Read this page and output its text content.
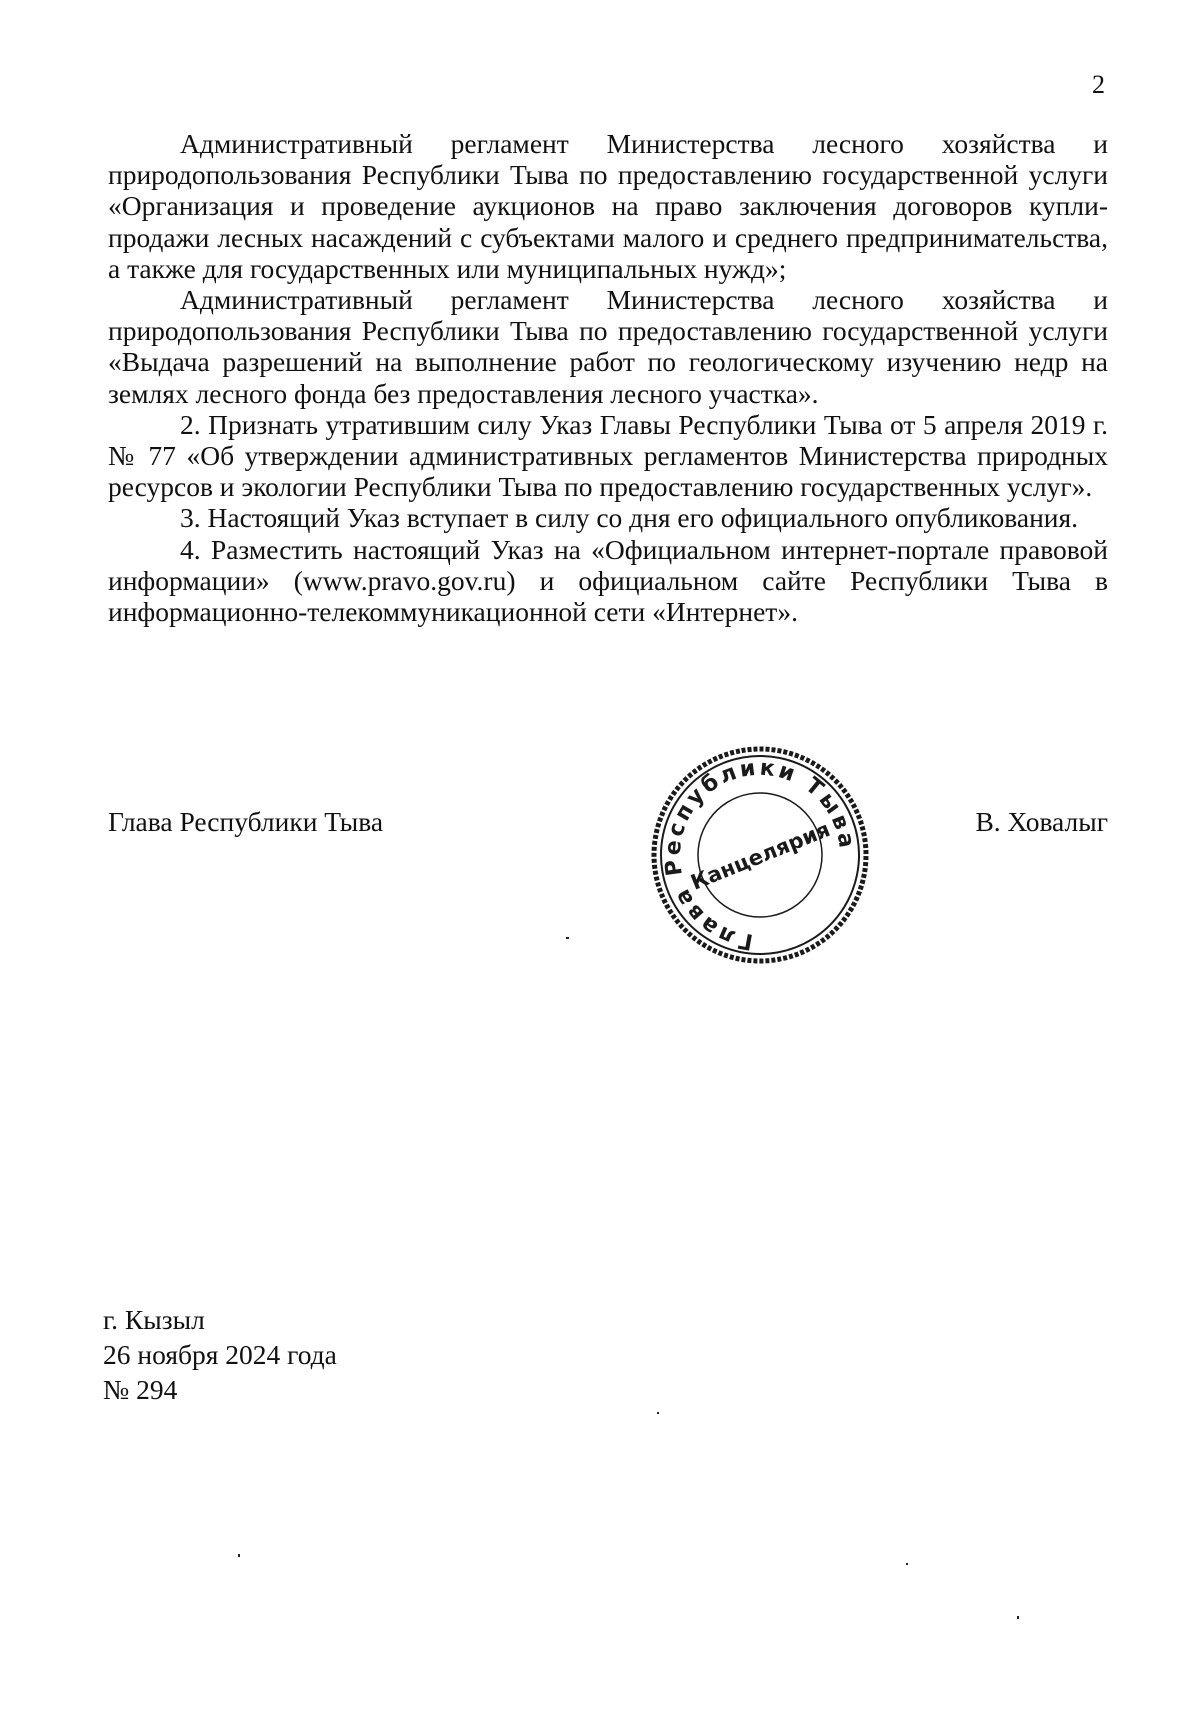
2

Административный регламент Министерства лесного хозяйства и природопользования Республики Тыва по предоставлению государственной услуги «Организация и проведение аукционов на право заключения договоров купли-продажи лесных насаждений с субъектами малого и среднего предпринимательства, а также для государственных или муниципальных нужд»;

Административный регламент Министерства лесного хозяйства и природопользования Республики Тыва по предоставлению государственной услуги «Выдача разрешений на выполнение работ по геологическому изучению недр на землях лесного фонда без предоставления лесного участка».

2. Признать утратившим силу Указ Главы Республики Тыва от 5 апреля 2019 г. № 77 «Об утверждении административных регламентов Министерства природных ресурсов и экологии Республики Тыва по предоставлению государственных услуг».

3. Настоящий Указ вступает в силу со дня его официального опубликования.

4. Разместить настоящий Указ на «Официальном интернет-портале правовой информации» (www.pravo.gov.ru) и официальном сайте Республики Тыва в информационно-телекоммуникационной сети «Интернет».

Глава Республики Тыва	В. Ховалыг
Глава Республики Тыва
Канцелярия
г. Кызыл
26 ноября 2024 года
№ 294
